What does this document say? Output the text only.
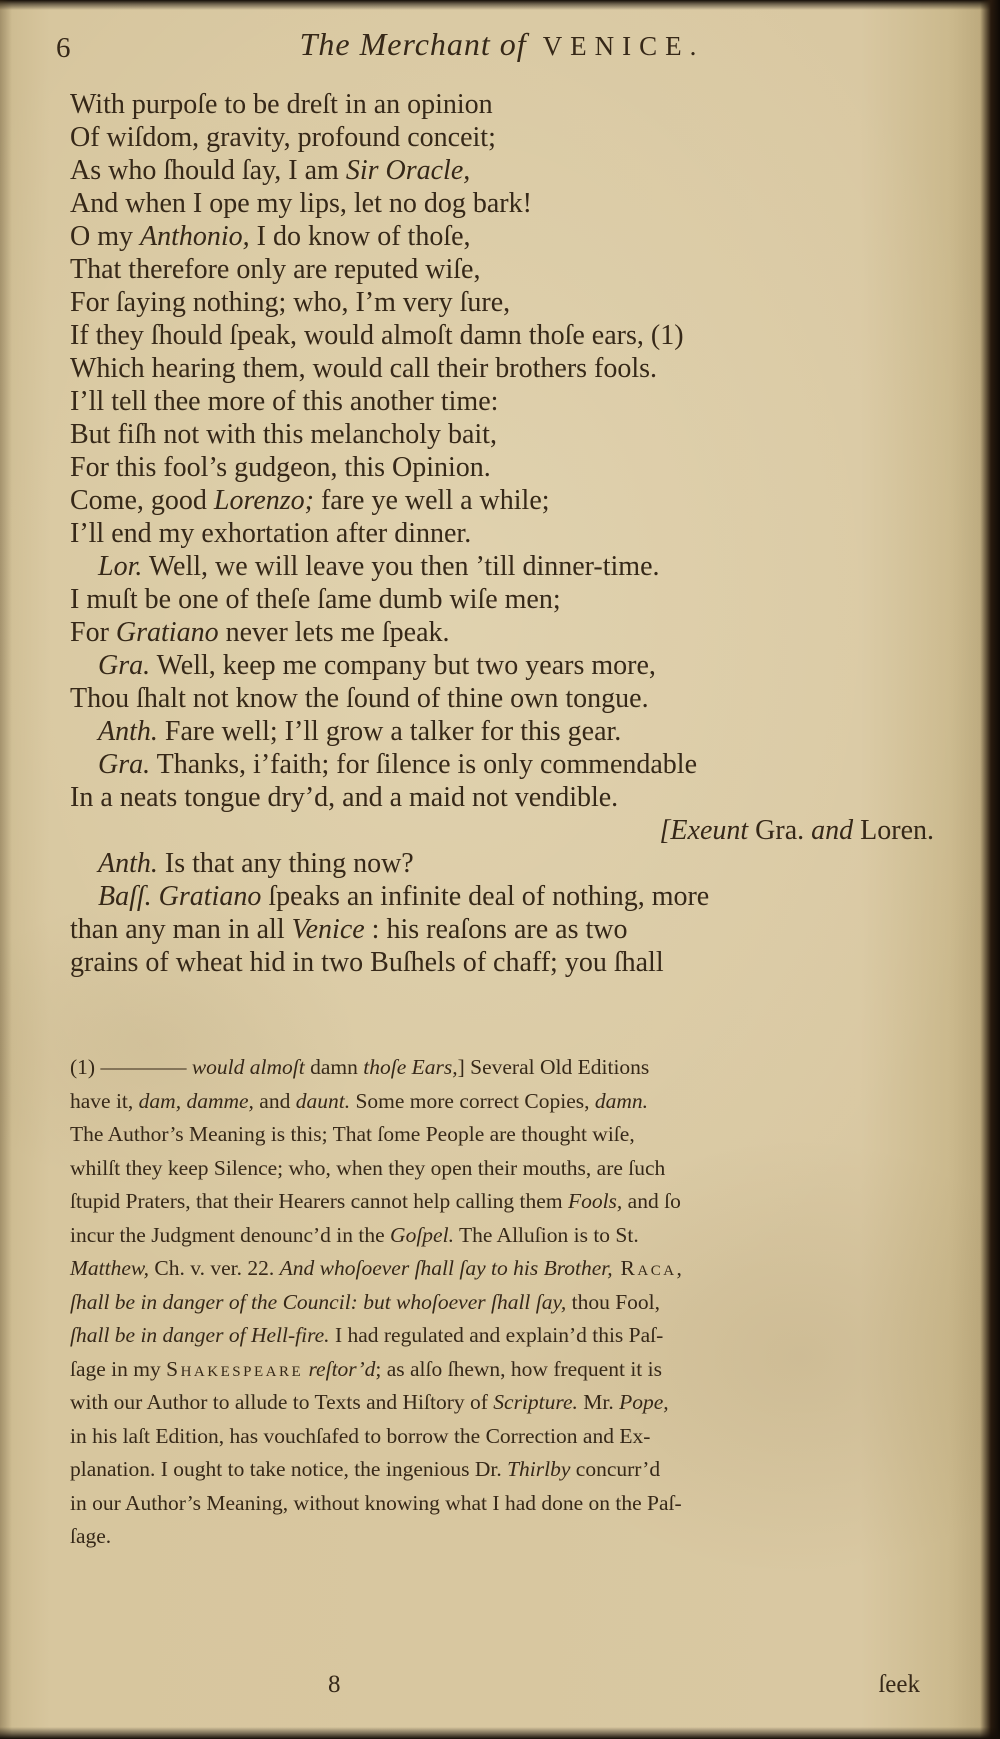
6	The Merchant of VENICE.
With purpoſe to be dreſt in an opinion
Of wiſdom, gravity, profound conceit;
As who ſhould ſay, I am Sir Oracle,
And when I ope my lips, let no dog bark!
O my Anthonio, I do know of thoſe,
That therefore only are reputed wiſe,
For ſaying nothing; who, I’m very ſure,
If they ſhould ſpeak, would almoſt damn thoſe ears, (1)
Which hearing them, would call their brothers fools.
I’ll tell thee more of this another time:
But fiſh not with this melancholy bait,
For this fool’s gudgeon, this Opinion.
Come, good Lorenzo; fare ye well a while;
I’ll end my exhortation after dinner.
Lor. Well, we will leave you then ’till dinner-time.
I muſt be one of theſe ſame dumb wiſe men;
For Gratiano never lets me ſpeak.
Gra. Well, keep me company but two years more,
Thou ſhalt not know the ſound of thine own tongue.
Anth. Fare well; I’ll grow a talker for this gear.
Gra. Thanks, i’faith; for ſilence is only commendable
In a neats tongue dry’d, and a maid not vendible.
[Exeunt Gra. and Loren.
Anth. Is that any thing now?
Baſſ. Gratiano ſpeaks an infinite deal of nothing, more
than any man in all Venice : his reaſons are as two
grains of wheat hid in two Buſhels of chaff; you ſhall
(1) ———— would almoſt damn thoſe Ears,] Several Old Editions
have it, dam, damme, and daunt. Some more correct Copies, damn.
The Author’s Meaning is this; That ſome People are thought wiſe,
whilſt they keep Silence; who, when they open their mouths, are ſuch
ſtupid Praters, that their Hearers cannot help calling them Fools, and ſo
incur the Judgment denounc’d in the Goſpel. The Alluſion is to St.
Matthew, Ch. v. ver. 22. And whoſoever ſhall ſay to his Brother, Raca,
ſhall be in danger of the Council: but whoſoever ſhall ſay, thou Fool,
ſhall be in danger of Hell-fire. I had regulated and explain’d this Paſ-
ſage in my Shakespeare reſtor’d; as alſo ſhewn, how frequent it is
with our Author to allude to Texts and Hiſtory of Scripture. Mr. Pope,
in his laſt Edition, has vouchſafed to borrow the Correction and Ex-
planation. I ought to take notice, the ingenious Dr. Thirlby concurr’d
in our Author’s Meaning, without knowing what I had done on the Paſ-
ſage.
8	ſeek
